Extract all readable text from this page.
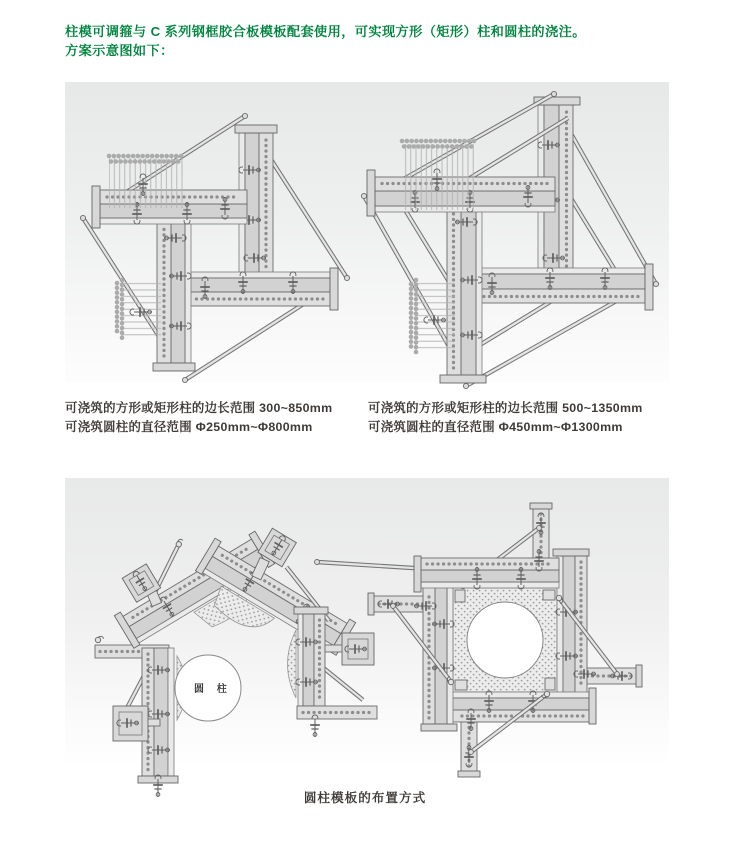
柱模可调箍与 C 系列钢框胶合板模板配套使用，可实现方形（矩形）柱和圆柱的浇注。
方案示意图如下：
可浇筑的方形或矩形柱的边长范围 300~850mm
可浇筑圆柱的直径范围 Φ250mm~Φ800mm
可浇筑的方形或矩形柱的边长范围 500~1350mm
可浇筑圆柱的直径范围 Φ450mm~Φ1300mm
圆 柱
圆柱模板的布置方式
